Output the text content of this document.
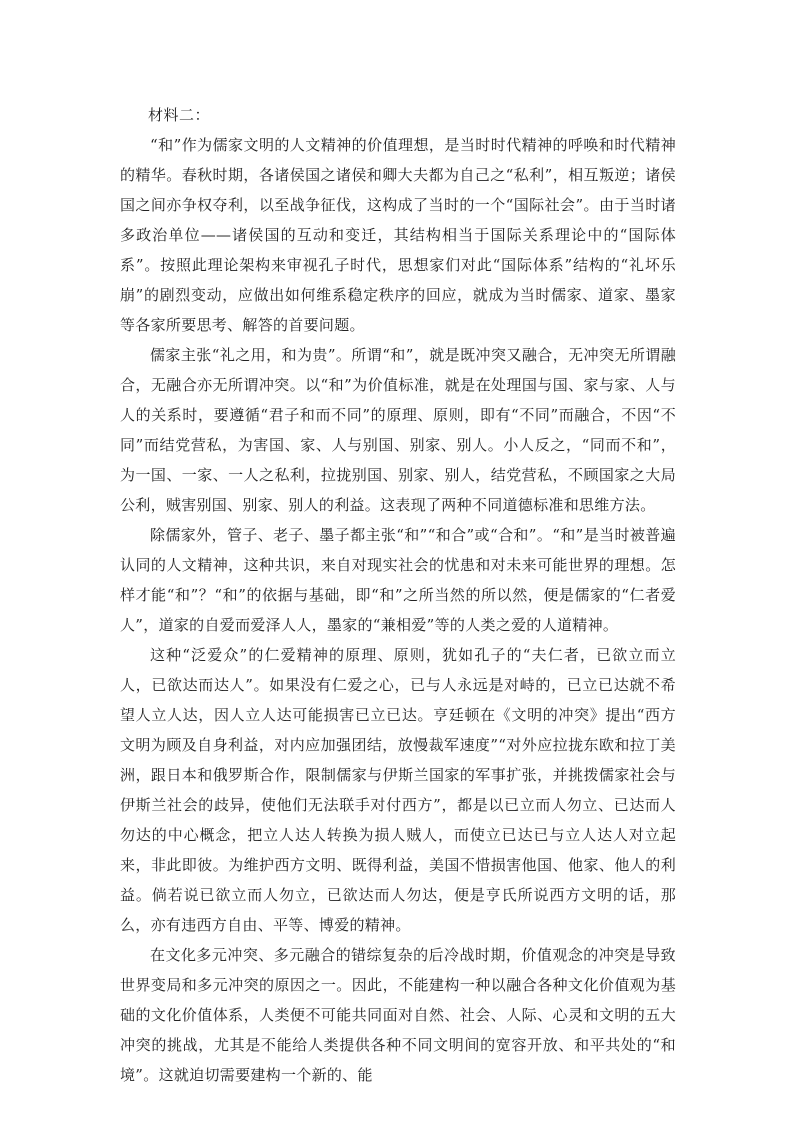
材料二：

“和”作为儒家文明的人文精神的价值理想，是当时时代精神的呼唤和时代精神的精华。春秋时期，各诸侯国之诸侯和卿大夫都为自己之“私利”，相互叛逆；诸侯国之间亦争权夺利，以至战争征伐，这构成了当时的一个“国际社会”。由于当时诸多政治单位——诸侯国的互动和变迁，其结构相当于国际关系理论中的“国际体系”。按照此理论架构来审视孔子时代，思想家们对此“国际体系”结构的“礼坏乐崩”的剧烈变动，应做出如何维系稳定秩序的回应，就成为当时儒家、道家、墨家等各家所要思考、解答的首要问题。

儒家主张“礼之用，和为贵”。所谓“和”，就是既冲突又融合，无冲突无所谓融合，无融合亦无所谓冲突。以“和”为价值标准，就是在处理国与国、家与家、人与人的关系时，要遵循“君子和而不同”的原理、原则，即有“不同”而融合，不因“不同”而结党营私，为害国、家、人与别国、别家、别人。小人反之，“同而不和”，为一国、一家、一人之私利，拉拢别国、别家、别人，结党营私，不顾国家之大局公利，贼害别国、别家、别人的利益。这表现了两种不同道德标准和思维方法。

除儒家外，管子、老子、墨子都主张“和”“和合”或“合和”。“和”是当时被普遍认同的人文精神，这种共识，来自对现实社会的忧患和对未来可能世界的理想。怎样才能“和”？“和”的依据与基础，即“和”之所当然的所以然，便是儒家的“仁者爱人”，道家的自爱而爱泽人人，墨家的“兼相爱”等的人类之爱的人道精神。

这种“泛爱众”的仁爱精神的原理、原则，犹如孔子的“夫仁者，已欲立而立人，已欲达而达人”。如果没有仁爱之心，已与人永远是对峙的，已立已达就不希望人立人达，因人立人达可能损害已立已达。亨廷顿在《文明的冲突》提出“西方文明为顾及自身利益，对内应加强团结，放慢裁军速度”“对外应拉拢东欧和拉丁美洲，跟日本和俄罗斯合作，限制儒家与伊斯兰国家的军事扩张，并挑拨儒家社会与伊斯兰社会的歧异，使他们无法联手对付西方”，都是以已立而人勿立、已达而人勿达的中心概念，把立人达人转换为损人贼人，而使立已达已与立人达人对立起来，非此即彼。为维护西方文明、既得利益，美国不惜损害他国、他家、他人的利益。倘若说已欲立而人勿立，已欲达而人勿达，便是亨氏所说西方文明的话，那么，亦有违西方自由、平等、博爱的精神。

在文化多元冲突、多元融合的错综复杂的后冷战时期，价值观念的冲突是导致世界变局和多元冲突的原因之一。因此，不能建构一种以融合各种文化价值观为基础的文化价值体系，人类便不可能共同面对自然、社会、人际、心灵和文明的五大冲突的挑战，尤其是不能给人类提供各种不同文明间的宽容开放、和平共处的“和境”。这就迫切需要建构一个新的、能
